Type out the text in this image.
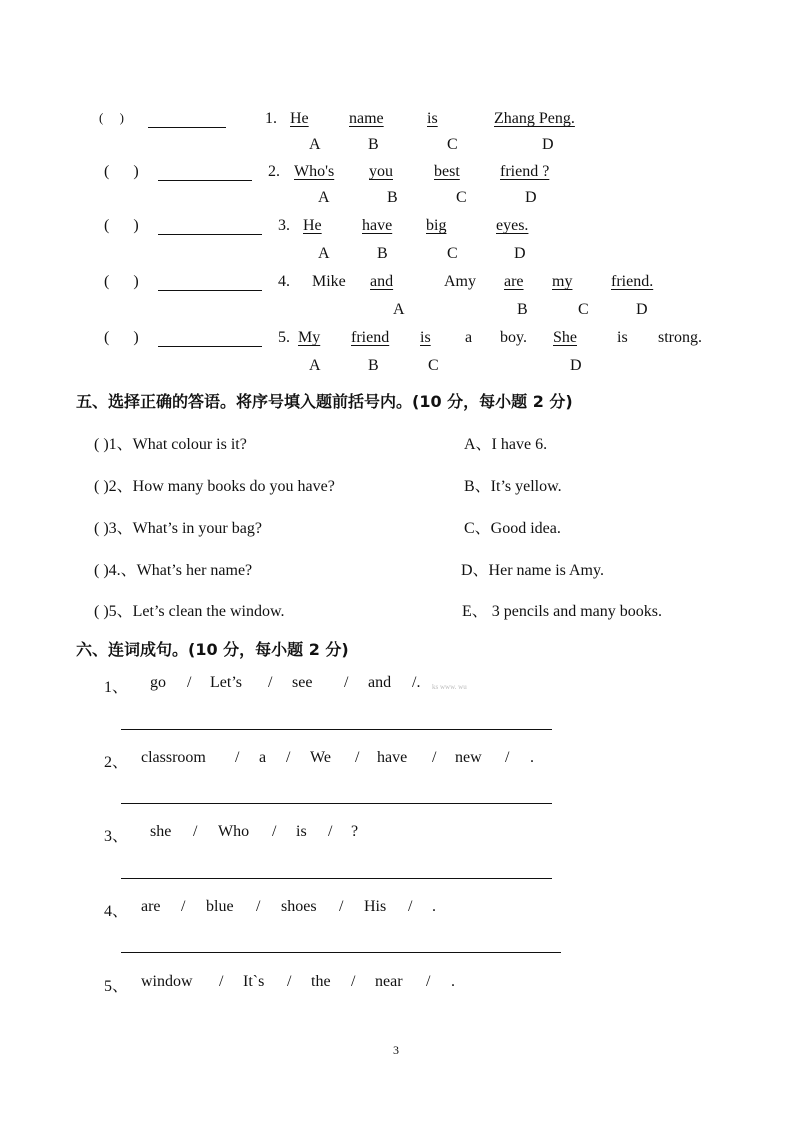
(     )	1. He	name	is	Zhang Peng.
A	B	C	D
(      )	2. Who's you	best	friend ?
A	B	C	D
(      )	3. He	have big	eyes.
A	B	C	D
(      )	4. Mike and	Amy are my friend.
A	B	C	D
(      )	5. My friend is a boy. She	is strong.
A	B	C	D
五、选择正确的答语。将序号填入题前括号内。(10 分，每小题 2 分)
( )1、What colour is it?
( )2、How many books do you have?
( )3、What’s in your bag?
( )4.、What’s her name?
( )5、Let’s clean the window.
A、I have 6.
B、It’s yellow.
C、Good idea.
D、Her name is Amy.
E、 3 pencils and many books.
六、连词成句。(10 分，每小题 2 分)
1、 go / Let’s / see / and /. ks www. wu
2、 classroom / a / We / have / new / .
3、 she / Who / is / ?
4、 are / blue / shoes / His / .
5、 window / It`s / the / near / .
3
